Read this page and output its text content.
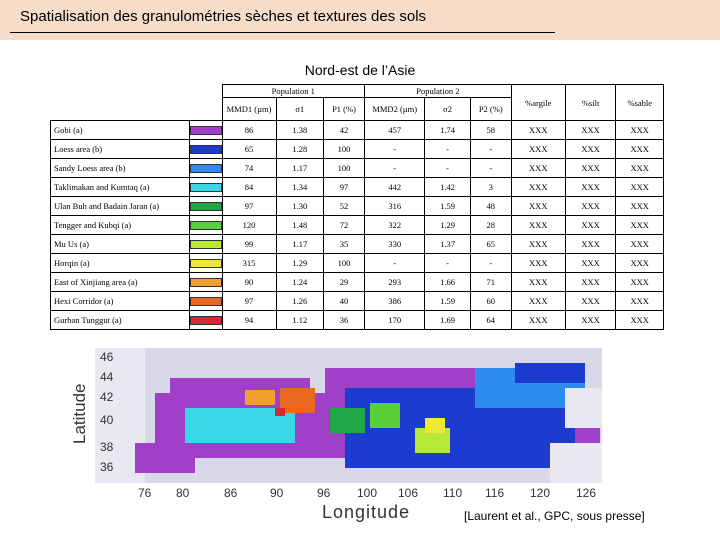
Spatialisation des granulométries sèches et textures des sols
Nord-est de l’Asie
		Population 1			Population 2			%argile	%silt	%sable
		MMD1 (µm)	σ1	P1 (%)	MMD2 (µm)	σ2	P2 (%)			
Gobi (a)		86	1.38	42	457	1.74	58	XXX	XXX	XXX
Loess area (b)		65	1.28	100	-	-	-	XXX	XXX	XXX
Sandy Loess area (b)		74	1.17	100	-	-	-	XXX	XXX	XXX
Taklimakan and Kumtaq (a)		84	1.34	97	442	1.42	3	XXX	XXX	XXX
Ulan Buh and Badain Jaran (a)		97	1.30	52	316	1.59	48	XXX	XXX	XXX
Tengger and Kubqi (a)		120	1.48	72	322	1.29	28	XXX	XXX	XXX
Mu Us (a)		99	1.17	35	330	1.37	65	XXX	XXX	XXX
Horqin (a)		315	1.29	100	-	-	-	XXX	XXX	XXX
East of Xinjiang area (a)		90	1.24	29	293	1.66	71	XXX	XXX	XXX
Hexi Corridor (a)		97	1.26	40	386	1.59	60	XXX	XXX	XXX
Gurban Tunggut (a)		94	1.12	36	170	1.69	64	XXX	XXX	XXX
Latitude
46
44
42
40
38
36
76 80	86	90	96 100 106 110 116 120 126
Longitude	[Laurent et al., GPC, sous presse]
